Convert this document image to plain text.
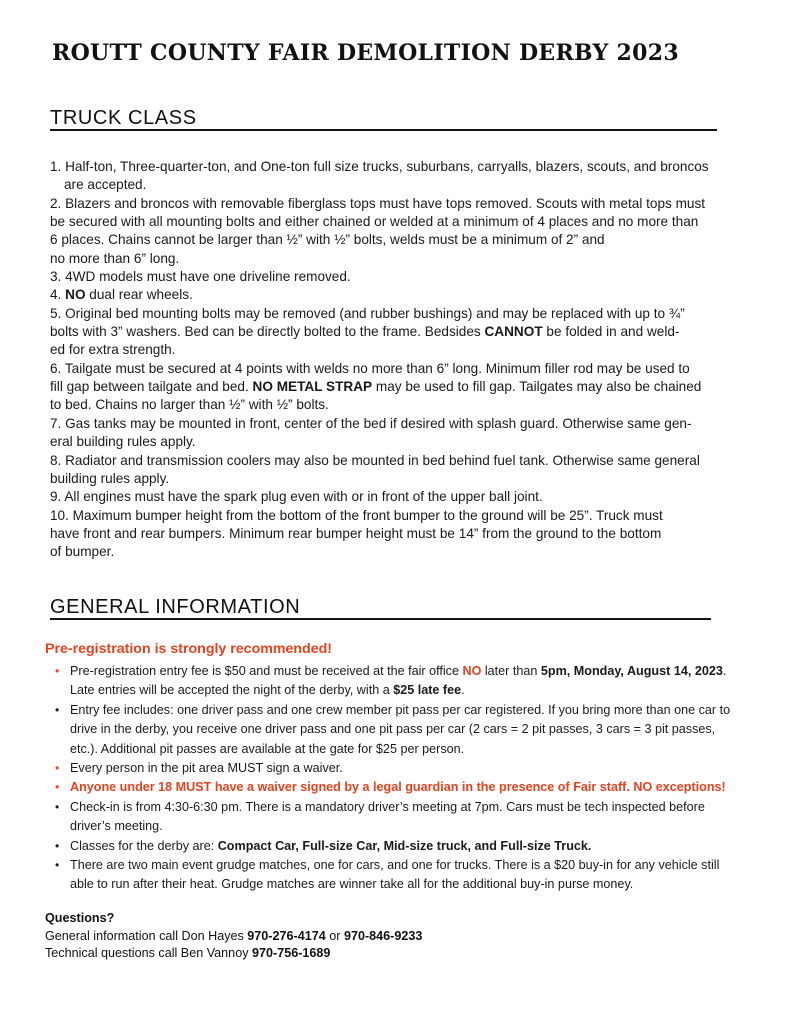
ROUTT COUNTY FAIR DEMOLITION DERBY 2023
TRUCK CLASS

1. Half-ton, Three-quarter-ton, and One-ton full size trucks, suburbans, carryalls, blazers, scouts, and broncos

are accepted.

2. Blazers and broncos with removable fiberglass tops must have tops removed. Scouts with metal tops must

be secured with all mounting bolts and either chained or welded at a minimum of 4 places and no more than

6 places. Chains cannot be larger than ½” with ½” bolts, welds must be a minimum of 2” and

no more than 6” long.

3. 4WD models must have one driveline removed.

4. NO dual rear wheels.

5. Original bed mounting bolts may be removed (and rubber bushings) and may be replaced with up to ¾”

bolts with 3” washers. Bed can be directly bolted to the frame. Bedsides CANNOT be folded in and weld-

ed for extra strength.

6. Tailgate must be secured at 4 points with welds no more than 6” long. Minimum filler rod may be used to

fill gap between tailgate and bed. NO METAL STRAP may be used to fill gap. Tailgates may also be chained

to bed. Chains no larger than ½” with ½” bolts.

7. Gas tanks may be mounted in front, center of the bed if desired with splash guard. Otherwise same gen-

eral building rules apply.

8. Radiator and transmission coolers may also be mounted in bed behind fuel tank. Otherwise same general

building rules apply.

9. All engines must have the spark plug even with or in front of the upper ball joint.

10. Maximum bumper height from the bottom of the front bumper to the ground will be 25”. Truck must

have front and rear bumpers. Minimum rear bumper height must be 14” from the ground to the bottom

of bumper.

GENERAL INFORMATION
Pre-registration is strongly recommended!
• Pre-registration entry fee is $50 and must be received at the fair office NO later than 5pm, Monday, August 14, 2023.
Late entries will be accepted the night of the derby, with a $25 late fee.
• Entry fee includes: one driver pass and one crew member pit pass per car registered. If you bring more than one car to
drive in the derby, you receive one driver pass and one pit pass per car (2 cars = 2 pit passes, 3 cars = 3 pit passes,
etc.). Additional pit passes are available at the gate for $25 per person.
• Every person in the pit area MUST sign a waiver.
• Anyone under 18 MUST have a waiver signed by a legal guardian in the presence of Fair staff. NO exceptions!
• Check-in is from 4:30-6:30 pm. There is a mandatory driver’s meeting at 7pm. Cars must be tech inspected before
driver’s meeting.
• Classes for the derby are: Compact Car, Full-size Car, Mid-size truck, and Full-size Truck.
• There are two main event grudge matches, one for cars, and one for trucks. There is a $20 buy-in for any vehicle still
able to run after their heat. Grudge matches are winner take all for the additional buy-in purse money.

Questions?

General information call Don Hayes 970-276-4174 or 970-846-9233

Technical questions call Ben Vannoy 970-756-1689
